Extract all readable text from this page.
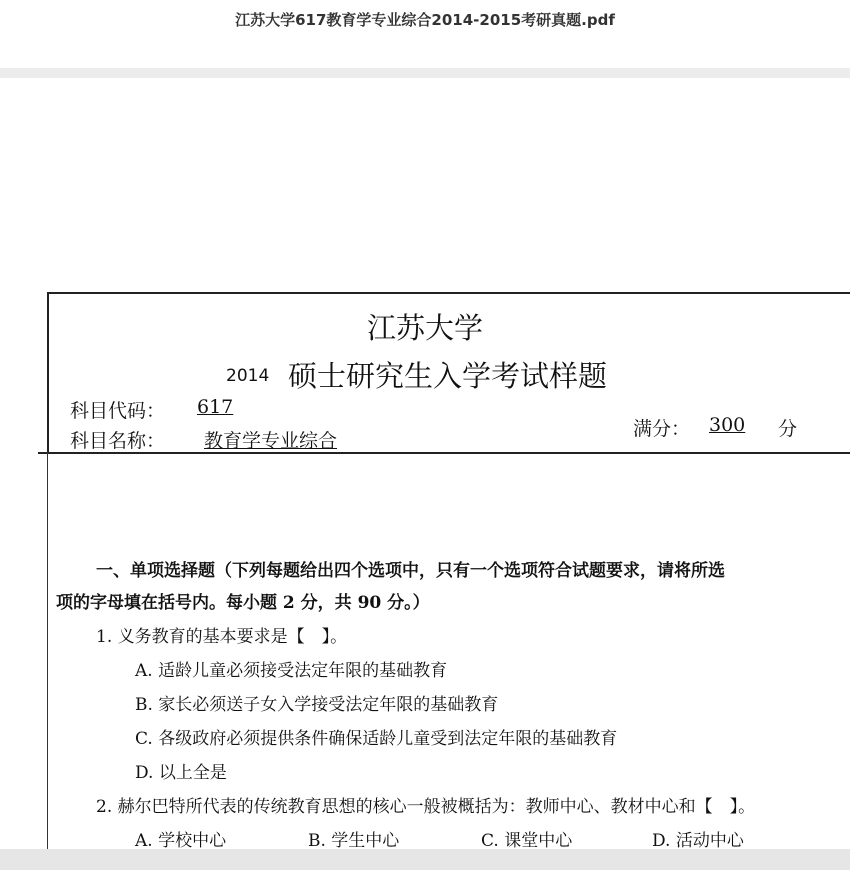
江苏大学617教育学专业综合2014-2015考研真题.pdf
江苏大学
2014 硕士研究生入学考试样题
科目代码： 617
科目名称： 教育学专业综合
满分： 300 分
一、单项选择题（下列每题给出四个选项中，只有一个选项符合试题要求，请将所选
项的字母填在括号内。每小题 2 分，共 90 分。）
1. 义务教育的基本要求是【　】。
A. 适龄儿童必须接受法定年限的基础教育
B. 家长必须送子女入学接受法定年限的基础教育
C. 各级政府必须提供条件确保适龄儿童受到法定年限的基础教育
D. 以上全是
2. 赫尔巴特所代表的传统教育思想的核心一般被概括为：教师中心、教材中心和【　】。
A. 学校中心	B. 学生中心	C. 课堂中心	D. 活动中心
